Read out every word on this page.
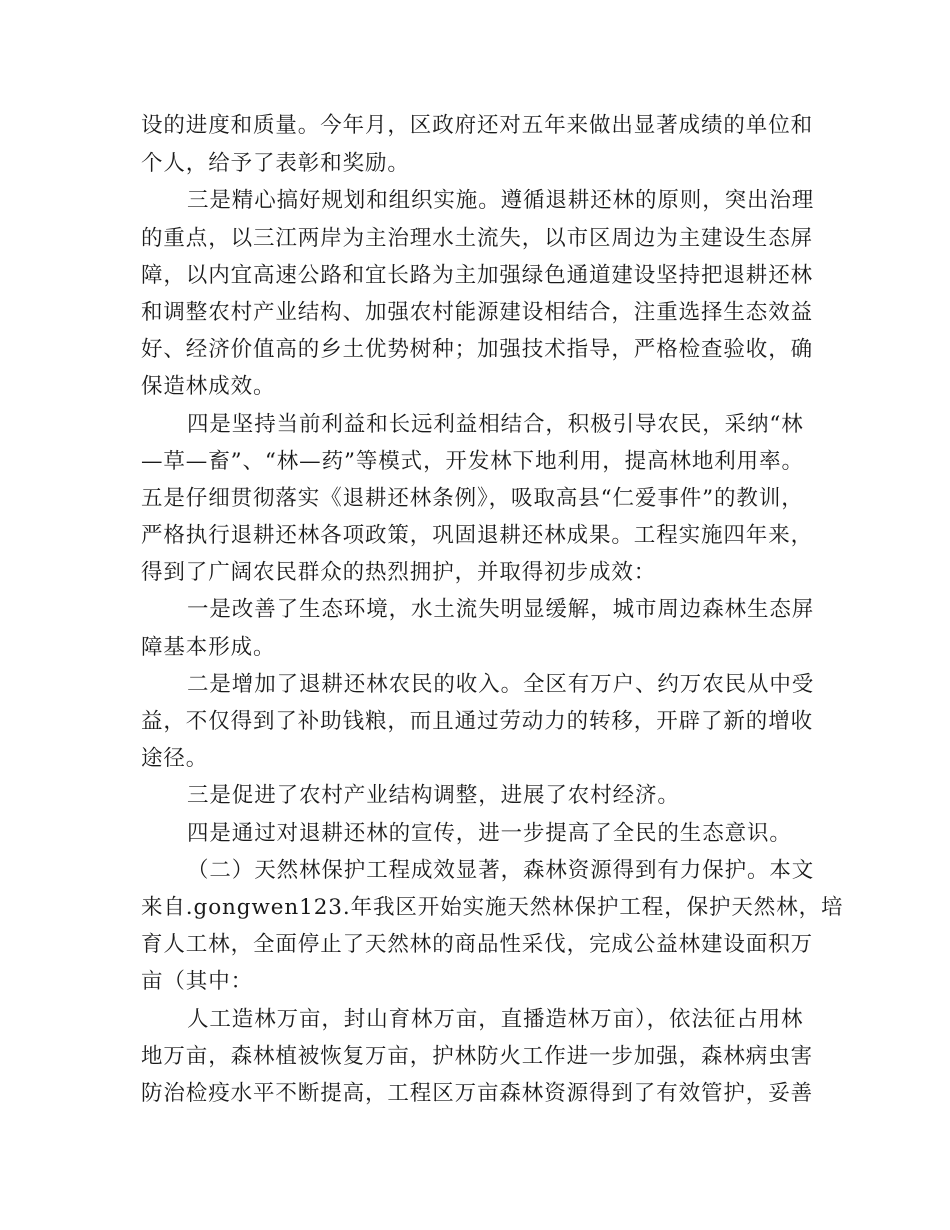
设的进度和质量。今年月，区政府还对五年来做出显著成绩的单位和
个人，给予了表彰和奖励。
三是精心搞好规划和组织实施。遵循退耕还林的原则，突出治理
的重点，以三江两岸为主治理水土流失，以市区周边为主建设生态屏
障，以内宜高速公路和宜长路为主加强绿色通道建设坚持把退耕还林
和调整农村产业结构、加强农村能源建设相结合，注重选择生态效益
好、经济价值高的乡土优势树种；加强技术指导，严格检查验收，确
保造林成效。
四是坚持当前利益和长远利益相结合，积极引导农民，采纳“林
—草—畜”、“林—药”等模式，开发林下地利用，提高林地利用率。
五是仔细贯彻落实《退耕还林条例》，吸取高县“仁爱事件”的教训，
严格执行退耕还林各项政策，巩固退耕还林成果。工程实施四年来，
得到了广阔农民群众的热烈拥护，并取得初步成效：
一是改善了生态环境，水土流失明显缓解，城市周边森林生态屏
障基本形成。
二是增加了退耕还林农民的收入。全区有万户、约万农民从中受
益，不仅得到了补助钱粮，而且通过劳动力的转移，开辟了新的增收
途径。
三是促进了农村产业结构调整，进展了农村经济。
四是通过对退耕还林的宣传，进一步提高了全民的生态意识。
（二）天然林保护工程成效显著，森林资源得到有力保护。本文
来自.gongwen123.年我区开始实施天然林保护工程，保护天然林，培
育人工林，全面停止了天然林的商品性采伐，完成公益林建设面积万
亩（其中：
人工造林万亩，封山育林万亩，直播造林万亩），依法征占用林
地万亩，森林植被恢复万亩，护林防火工作进一步加强，森林病虫害
防治检疫水平不断提高，工程区万亩森林资源得到了有效管护，妥善
